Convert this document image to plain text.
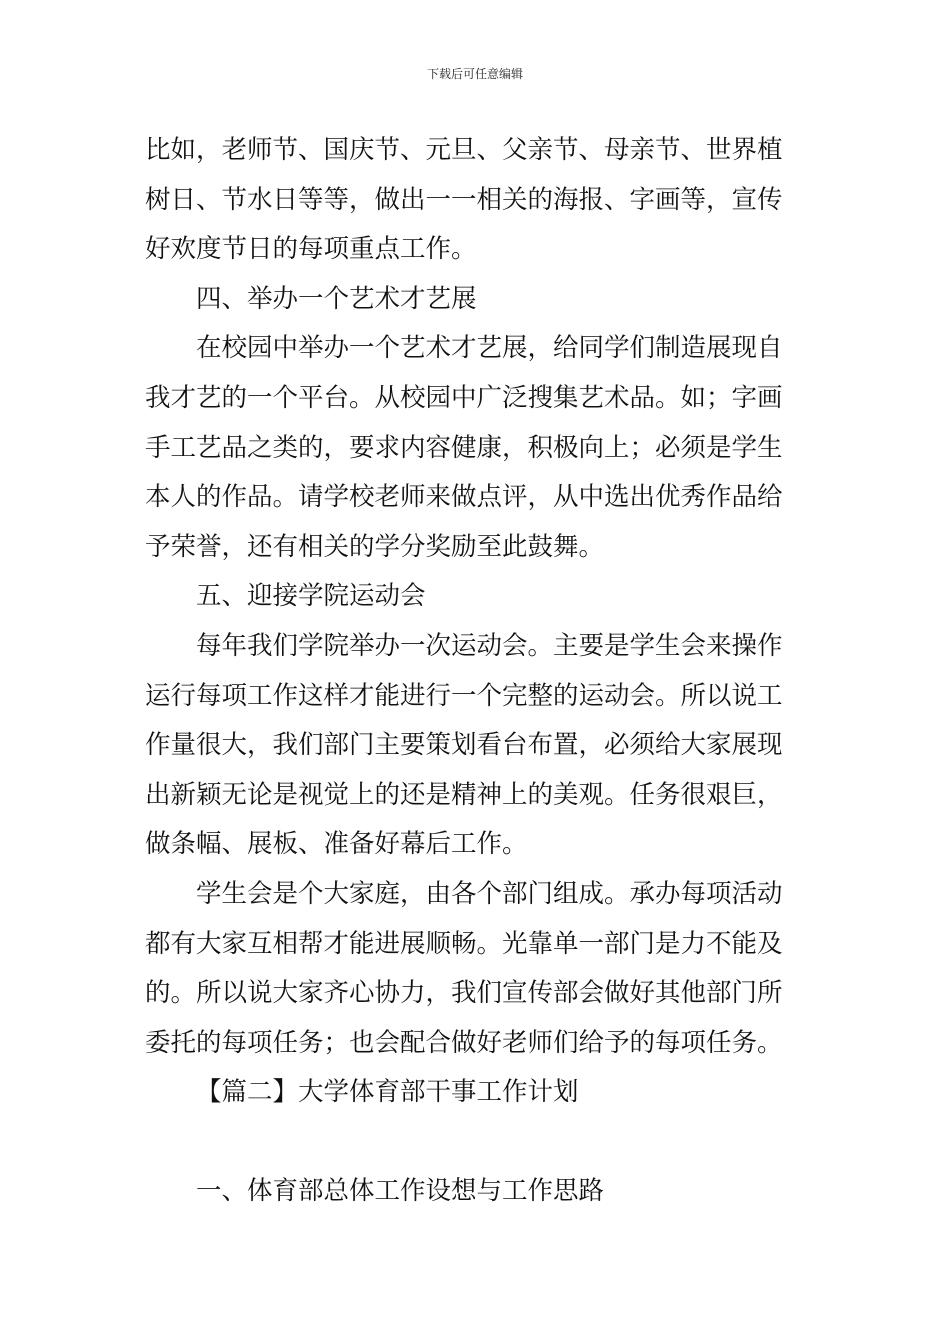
下载后可任意编辑

比如，老师节、国庆节、元旦、父亲节、母亲节、世界植
树日、节水日等等，做出一一相关的海报、字画等，宣传
好欢度节日的每项重点工作。

四、举办一个艺术才艺展

在校园中举办一个艺术才艺展，给同学们制造展现自
我才艺的一个平台。从校园中广泛搜集艺术品。如；字画
手工艺品之类的，要求内容健康，积极向上；必须是学生
本人的作品。请学校老师来做点评，从中选出优秀作品给
予荣誉，还有相关的学分奖励至此鼓舞。

五、迎接学院运动会

每年我们学院举办一次运动会。主要是学生会来操作
运行每项工作这样才能进行一个完整的运动会。所以说工
作量很大，我们部门主要策划看台布置，必须给大家展现
出新颖无论是视觉上的还是精神上的美观。任务很艰巨，
做条幅、展板、准备好幕后工作。

学生会是个大家庭，由各个部门组成。承办每项活动
都有大家互相帮才能进展顺畅。光靠单一部门是力不能及
的。所以说大家齐心协力，我们宣传部会做好其他部门所
委托的每项任务；也会配合做好老师们给予的每项任务。

【篇二】大学体育部干事工作计划

一、体育部总体工作设想与工作思路
